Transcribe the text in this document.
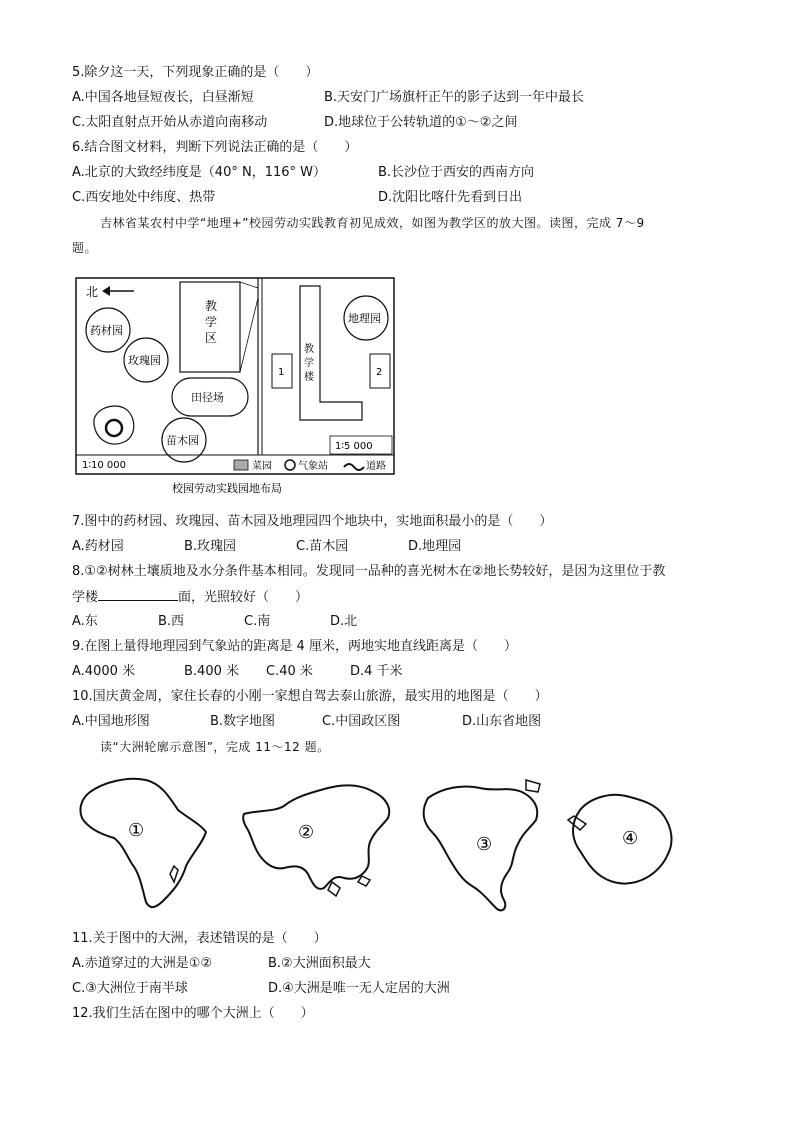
5.除夕这一天，下列现象正确的是（　　）
A.中国各地昼短夜长，白昼渐短	B.天安门广场旗杆正午的影子达到一年中最长
C.太阳直射点开始从赤道向南移动	D.地球位于公转轨道的①～②之间
6.结合图文材料，判断下列说法正确的是（　　）
A.北京的大致经纬度是（40° N，116° W）	B.长沙位于西安的西南方向
C.西安地处中纬度、热带	D.沈阳比喀什先看到日出
吉林省某农村中学“地理+”校园劳动实践教育初见成效，如图为教学区的放大图。读图，完成 7～9
题。
北
教
学
区
药材园
玫瑰园
田径场
苗木园
1∶10 000
教
学
楼
1	2
地理园
1∶5 000
菜园	气象站	道路
校园劳动实践园地布局
7.图中的药材园、玫瑰园、苗木园及地理园四个地块中，实地面积最小的是（　　）
A.药材园	B.玫瑰园	C.苗木园	D.地理园
8.①②树林土壤质地及水分条件基本相同。发现同一品种的喜光树木在②地长势较好，是因为这里位于教
学楼	面，光照较好（　　）
A.东	B.西	C.南	D.北
9.在图上量得地理园到气象站的距离是 4 厘米，两地实地直线距离是（　　）
A.4000 米	B.400 米 C.40 米	D.4 千米
10.国庆黄金周，家住长春的小刚一家想自驾去泰山旅游，最实用的地图是（　　）
A.中国地形图	B.数字地图	C.中国政区图	D.山东省地图
读“大洲轮廓示意图”，完成 11～12 题。
①	②
③	④
11.关于图中的大洲，表述错误的是（　　）
A.赤道穿过的大洲是①②	B.②大洲面积最大
C.③大洲位于南半球	D.④大洲是唯一无人定居的大洲
12.我们生活在图中的哪个大洲上（　　）
